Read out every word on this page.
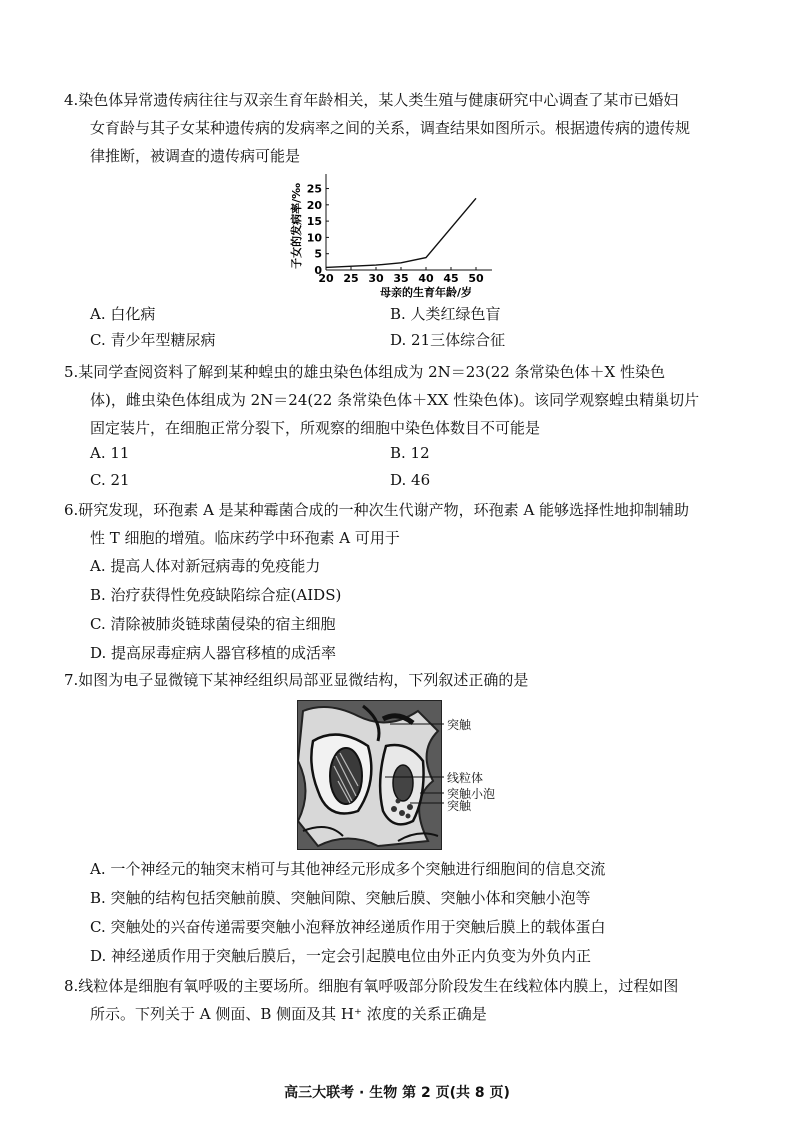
4.染色体异常遗传病往往与双亲生育年龄相关，某人类生殖与健康研究中心调查了某市已婚妇
女育龄与其子女某种遗传病的发病率之间的关系，调查结果如图所示。根据遗传病的遗传规
律推断，被调查的遗传病可能是
20 25 30 35 40 45 50
0
5
10
15
20
25
母亲的生育年龄/岁
子女的发病率/‰
A. 白化病	B. 人类红绿色盲
C. 青少年型糖尿病	D. 21三体综合征
5.某同学查阅资料了解到某种蝗虫的雄虫染色体组成为 2N＝23(22 条常染色体＋X 性染色
体)，雌虫染色体组成为 2N＝24(22 条常染色体＋XX 性染色体)。该同学观察蝗虫精巢切片
固定装片，在细胞正常分裂下，所观察的细胞中染色体数目不可能是
A. 11	B. 12
C. 21	D. 46
6.研究发现，环孢素 A 是某种霉菌合成的一种次生代谢产物，环孢素 A 能够选择性地抑制辅助
性 T 细胞的增殖。临床药学中环孢素 A 可用于
A. 提高人体对新冠病毒的免疫能力
B. 治疗获得性免疫缺陷综合症(AIDS)
C. 清除被肺炎链球菌侵染的宿主细胞
D. 提高尿毒症病人器官移植的成活率
7.如图为电子显微镜下某神经组织局部亚显微结构，下列叙述正确的是
突触
线粒体
突触小泡
突触
A. 一个神经元的轴突末梢可与其他神经元形成多个突触进行细胞间的信息交流
B. 突触的结构包括突触前膜、突触间隙、突触后膜、突触小体和突触小泡等
C. 突触处的兴奋传递需要突触小泡释放神经递质作用于突触后膜上的载体蛋白
D. 神经递质作用于突触后膜后，一定会引起膜电位由外正内负变为外负内正
8.线粒体是细胞有氧呼吸的主要场所。细胞有氧呼吸部分阶段发生在线粒体内膜上，过程如图
所示。下列关于 A 侧面、B 侧面及其 H⁺ 浓度的关系正确是
高三大联考 · 生物 第 2 页(共 8 页)
